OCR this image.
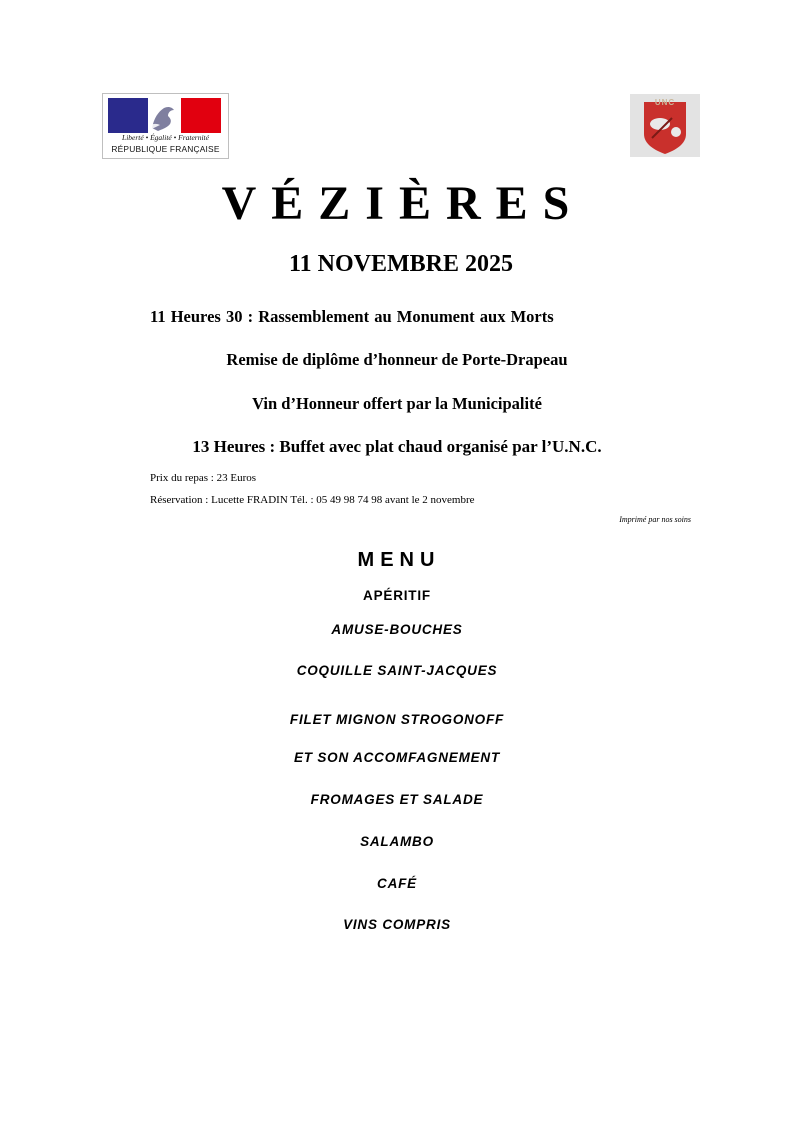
Liberté • Égalité • Fraternité
RÉPUBLIQUE FRANÇAISE
UNC
VÉZIÈRES
11 NOVEMBRE 2025
11 Heures 30 : Rassemblement au Monument aux Morts
Remise de diplôme d’honneur de Porte-Drapeau
Vin d’Honneur offert par la Municipalité
13 Heures : Buffet avec plat chaud organisé par l’U.N.C.
Prix du repas : 23 Euros
Réservation : Lucette FRADIN Tél. : 05 49 98 74 98 avant le 2 novembre
Imprimé par nos soins
MENU
APÉRITIF
AMUSE-BOUCHES
COQUILLE SAINT-JACQUES
FILET MIGNON STROGONOFF
ET SON ACCOMFAGNEMENT
FROMAGES ET SALADE
SALAMBO
CAFÉ
VINS COMPRIS
